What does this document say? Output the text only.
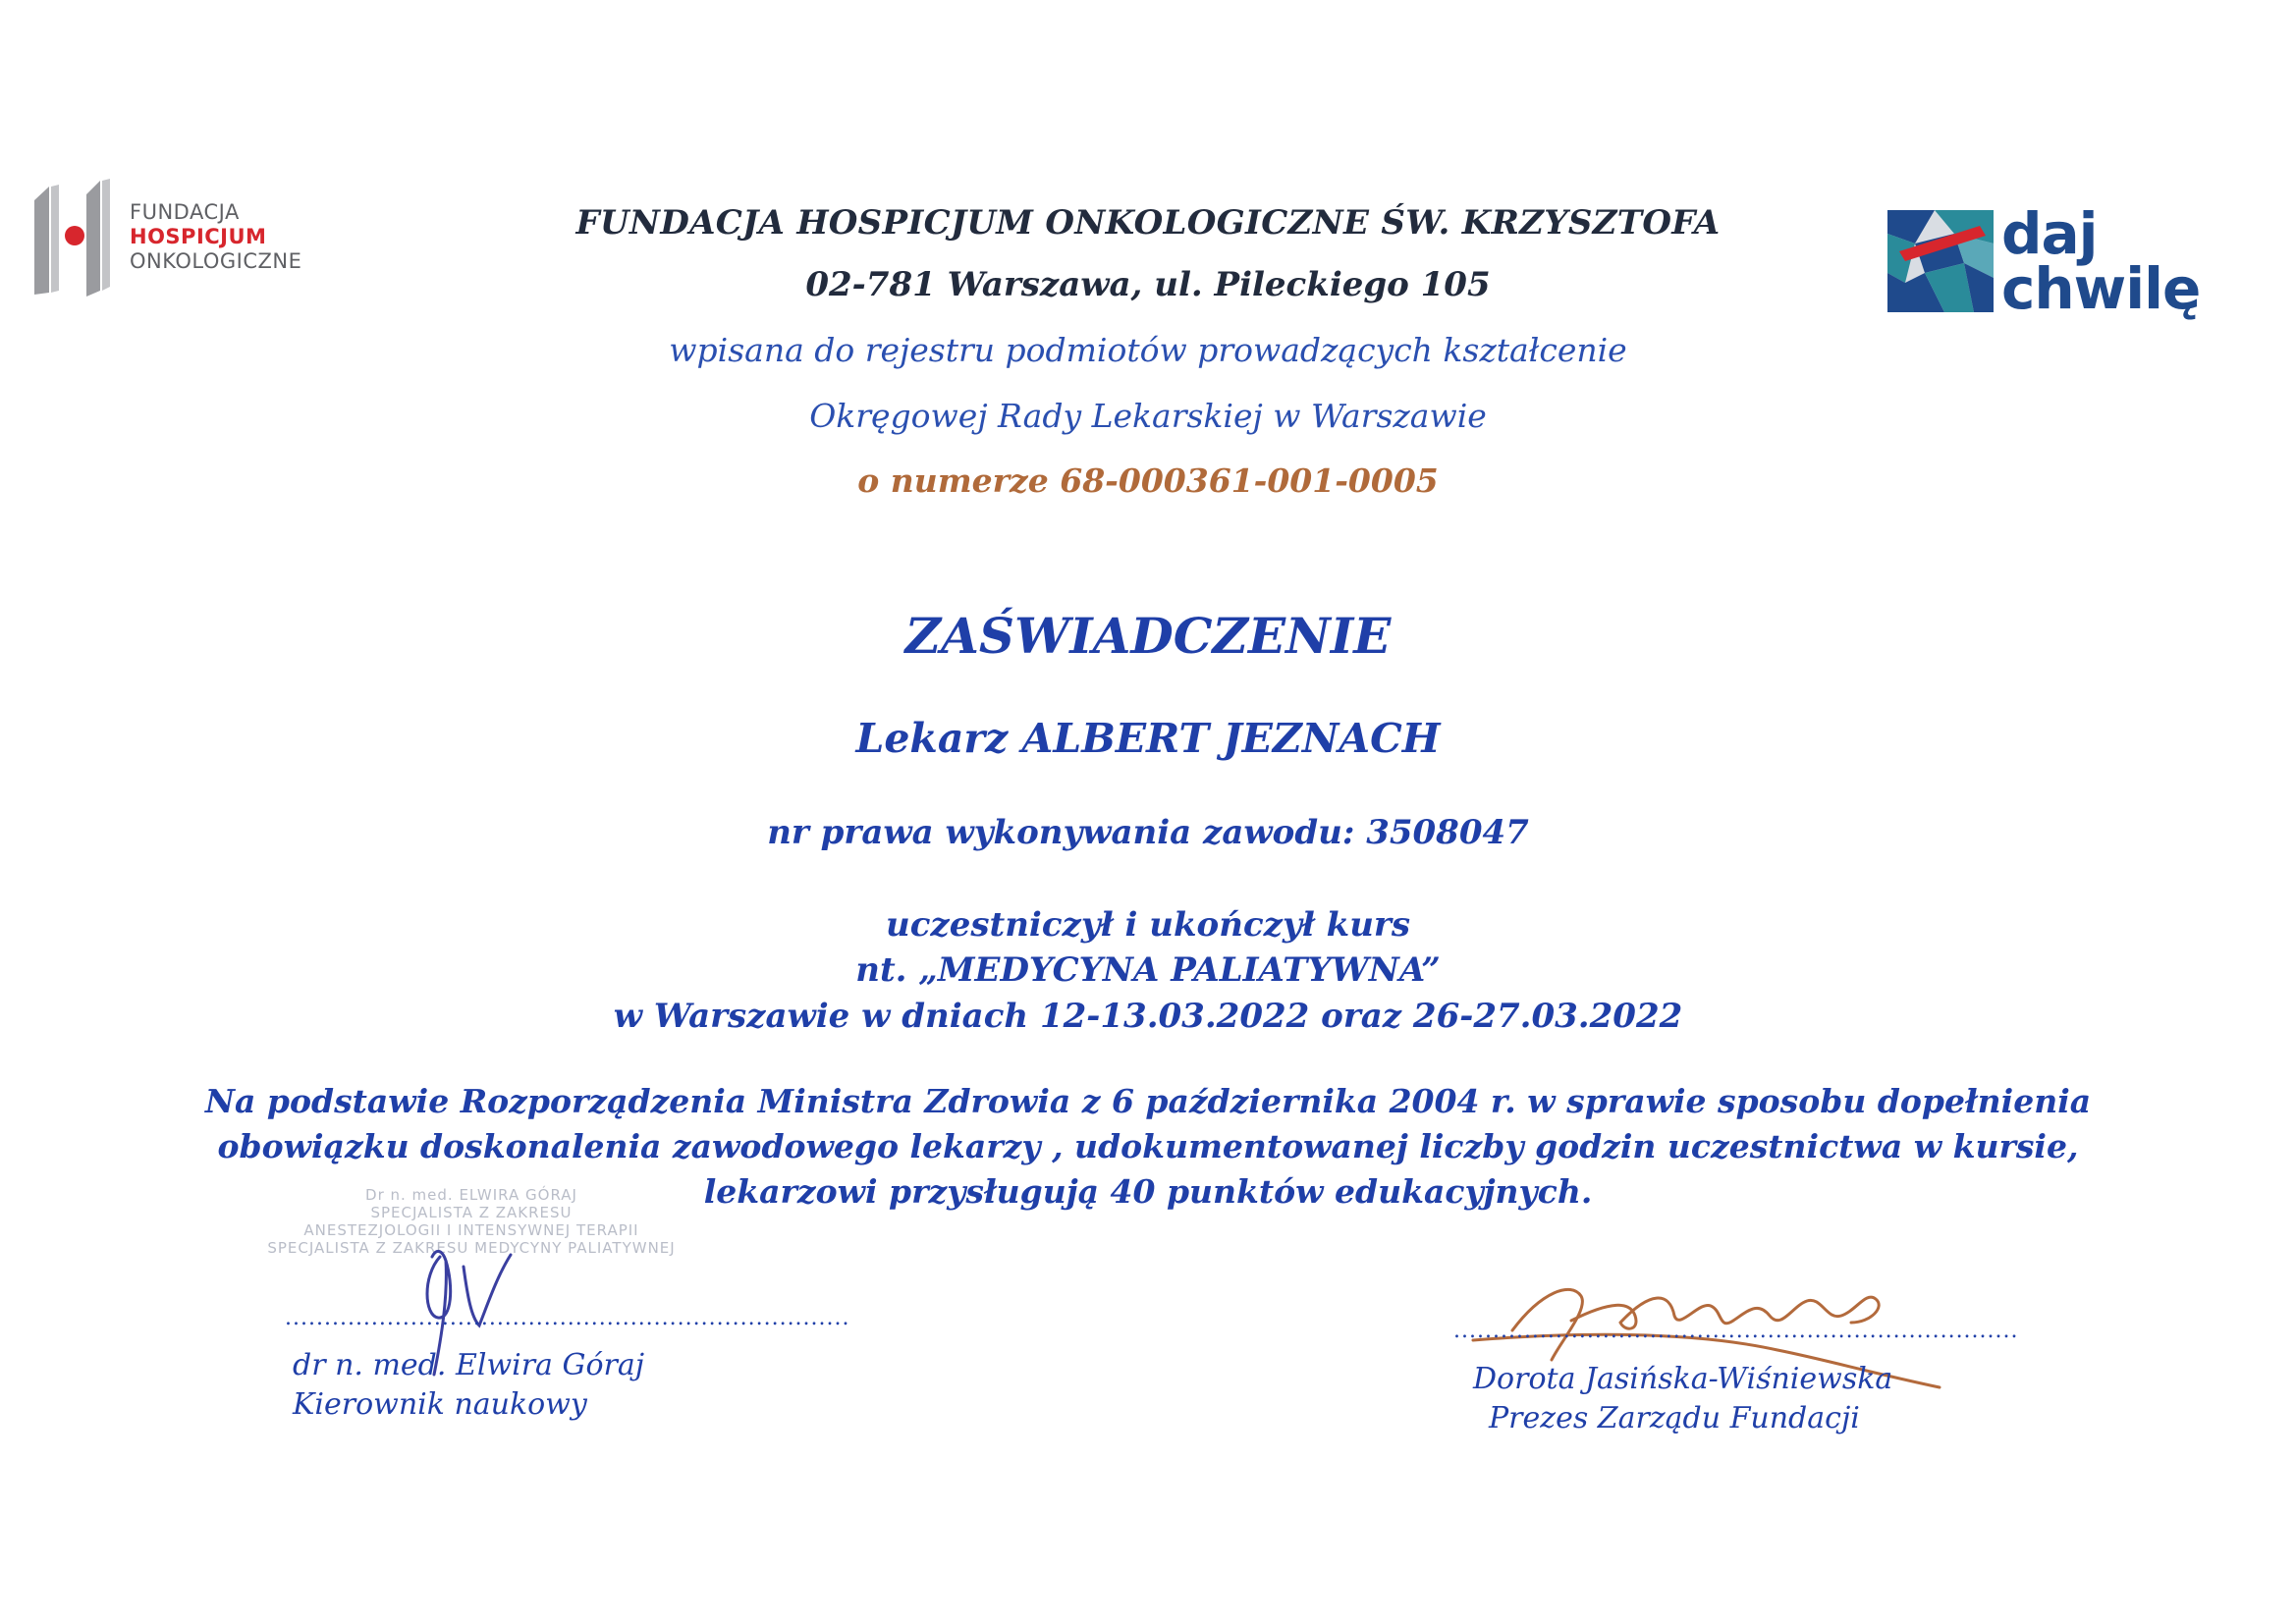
FUNDACJA
HOSPICJUM
ONKOLOGICZNE	daj
chwilę
FUNDACJA HOSPICJUM ONKOLOGICZNE ŚW. KRZYSZTOFA
02-781 Warszawa, ul. Pileckiego 105
wpisana do rejestru podmiotów prowadzących kształcenie
Okręgowej Rady Lekarskiej w Warszawie
o numerze 68-000361-001-0005
ZAŚWIADCZENIE
Lekarz ALBERT JEZNACH
nr prawa wykonywania zawodu: 3508047
uczestniczył i ukończył kurs
nt. „MEDYCYNA PALIATYWNA”
w Warszawie w dniach 12-13.03.2022 oraz 26-27.03.2022
Na podstawie Rozporządzenia Ministra Zdrowia z 6 października 2004 r. w sprawie sposobu dopełnienia
obowiązku doskonalenia zawodowego lekarzy , udokumentowanej liczby godzin uczestnictwa w kursie,
lekarzowi przysługują 40 punktów edukacyjnych.
Dr n. med. ELWIRA GÓRAJ
SPECJALISTA Z ZAKRESU
ANESTEZJOLOGII I INTENSYWNEJ TERAPII
SPECJALISTA Z ZAKRESU MEDYCYNY PALIATYWNEJ
........................................................................
dr n. med. Elwira Góraj
Kierownik naukowy
........................................................................
Dorota Jasińska-Wiśniewska
Prezes Zarządu Fundacji
